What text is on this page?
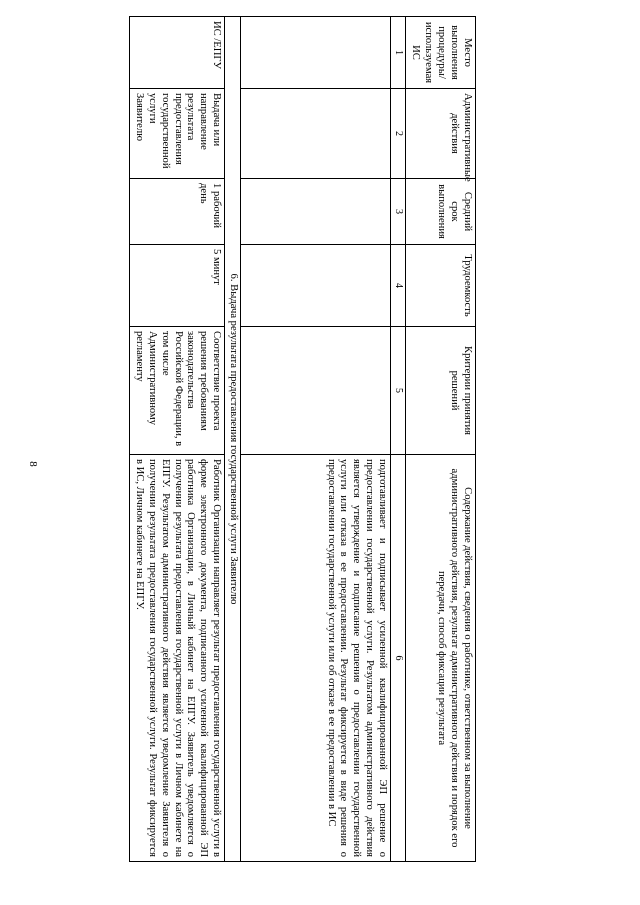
8
Место выполнения процедуры/ используемая ИС	Административные действия	Средний срок выполнения	Трудоемкость	Критерии принятия решений	Содержание действия, сведения о работнике, ответственном за выполнение административного действия, результат административного действия и порядок его передачи, способ фиксации результата
1	2	3	4	5	6
					подготавливает и подписывает усиленной квалифицированной ЭП решение о предоставлении государственной услуги. Результатом административного действия является утверждение и подписание решения о предоставлении государственной услуги или отказа в ее предоставлении. Результат фиксируется в виде решения о предоставлении государственной услуги или об отказе в ее предоставлении в ИС
6. Выдача результата предоставления государственной услуги Заявителю					
ИС /ЕПГУ	Выдача или направление результата предоставления государственной услуги Заявителю	1 рабочий день	5 минут	Соответствие проекта решения требованиям законодательства Российской Федерации, в том числе Административному регламенту	Работник Организации направляет результат предоставления государственной услуги в форме электронного документа, подписанного усиленной квалифицированной ЭП работника Организации, в Личный кабинет на ЕПГУ. Заявитель уведомляется о получении результата предоставления государственной услуги в Личном кабинете на ЕПГУ. Результатом административного действия является уведомление Заявителя о получении результата предоставления государственной услуги. Результат фиксируется в ИС, Личном кабинете на ЕПГУ.
